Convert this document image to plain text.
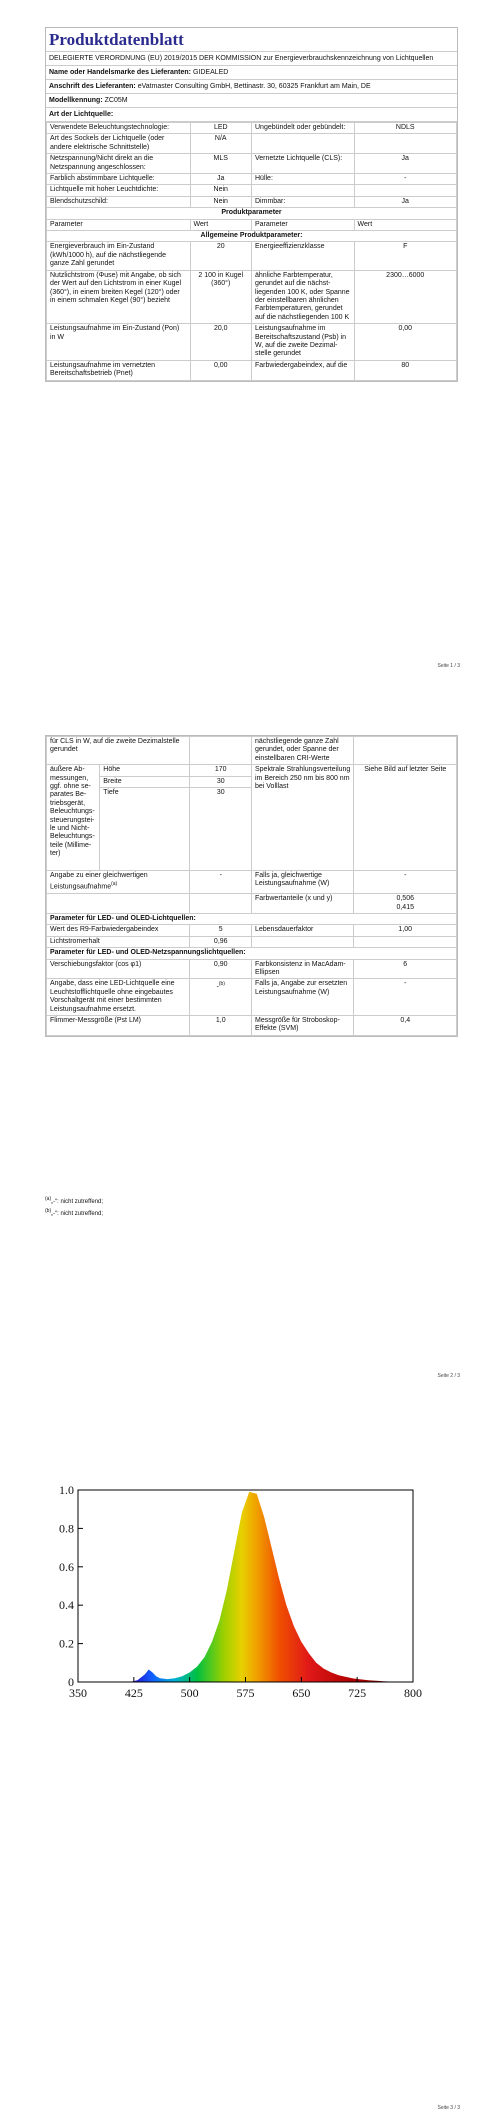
Produktdatenblatt
DELEGIERTE VERORDNUNG (EU) 2019/2015 DER KOMMISSION zur Energieverbrauchskennzeichnung von Lichtquellen
Name oder Handelsmarke des Lieferanten: GIDEALED
Anschrift des Lieferanten: eVatmaster Consulting GmbH, Bettinastr. 30, 60325 Frankfurt am Main, DE
Modellkennung: ZC05M
Art der Lichtquelle:
Verwendete Beleuchtungstechnologie:	LED	Ungebündelt oder gebündelt:	NDLS
Art des Sockels der Lichtquelle (oder andere elektrische Schnittstelle)	N/A		
Netzspannung/Nicht direkt an die Netzspannung angeschlossen:	MLS	Vernetzte Lichtquelle (CLS):	Ja
Farblich abstimmbare Lichtquelle:	Ja	Hülle:	-
Lichtquelle mit hoher Leuchtdichte:	Nein		
Blendschutzschild:	Nein	Dimmbar:	Ja
Produktparameter			
Parameter	Wert	Parameter	Wert
Allgemeine Produktparameter:			
Energieverbrauch im Ein-Zustand (kWh/1000 h), auf die nächstliegende ganze Zahl gerundet	20	Energieeffizienzklasse	F
Nutzlichtstrom (Φuse) mit Angabe, ob sich der Wert auf den Lichtstrom in einer Kugel (360°), in einem breiten Kegel (120°) oder in einem schmalen Kegel (90°) bezieht	2 100 in Kugel (360°)	ähnliche Farbtemperatur, gerundet auf die nächstliegenden 100 K, oder Spanne der einstellbaren ähnlichen Farbtemperaturen, gerundet auf die nächstliegenden 100 K	2300…6000
Leistungsaufnahme im Ein-Zustand (Pon) in W	20,0	Leistungsaufnahme im Bereitschaftszustand (Psb) in W, auf die zweite Dezimalstelle gerundet	0,00
Leistungsaufnahme im vernetzten Bereitschaftsbetrieb (Pnet)	0,00	Farbwiedergabeindex, auf die	80
Seite 1 / 3
für CLS in W, auf die zweite Dezimalstelle gerundet			nächstliegende ganze Zahl gerundet, oder Spanne der einstellbaren CRI-Werte	
äußere Abmessungen, ggf. ohne separates Betriebsgerät, Beleuchtungssteuerungsteile und Nicht-Beleuchtungsteile (Millimeter)	Höhe	170	Spektrale Strahlungsverteilung im Bereich 250 nm bis 800 nm bei Volllast	Siehe Bild auf letzter Seite
	Breite	30		
	Tiefe	30		
Angabe zu einer gleichwertigen Leistungsaufnahme$^{(a)}$		-	Falls ja, gleichwertige Leistungsaufnahme (W)	-
			Farbwertanteile (x und y)	0,506
0,415
Parameter für LED- und OLED-Lichtquellen:				
Wert des R9-Farbwiedergabeindex		5	Lebensdauerfaktor	1,00
Lichtstromerhalt		0,96		
Parameter für LED- und OLED-Netzspannungslichtquellen:				
Verschiebungsfaktor (cos φ1)		0,90	Farbkonsistenz in MacAdam-Ellipsen	6
Angabe, dass eine LED-Lichtquelle eine Leuchtstofflichtquelle ohne eingebautes Vorschaltgerät mit einer bestimmten Leistungsaufnahme ersetzt.		-$^{(b)}$	Falls ja, Angabe zur ersetzten Leistungsaufnahme (W)	-
Flimmer-Messgröße (Pst LM)		1,0	Messgröße für Stroboskop-Effekte (SVM)	0,4
$^{(a)}$„-“: nicht zutreffend;
$^{(b)}$„-“: nicht zutreffend;
Seite 2 / 3
350	425	500	575	650	725	800
0
0.2
0.4
0.6
0.8
1.0
Seite 3 / 3
